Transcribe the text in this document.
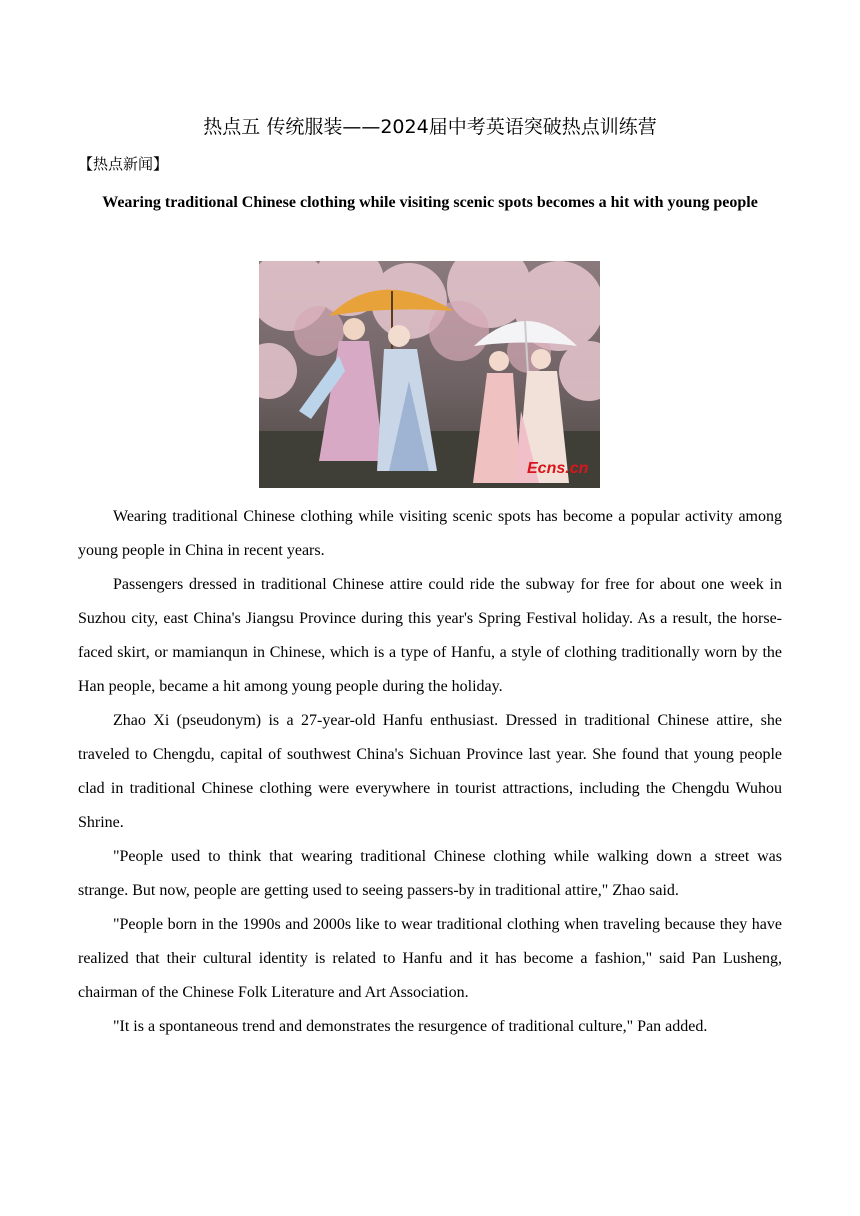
热点五 传统服装——2024届中考英语突破热点训练营
【热点新闻】
Wearing traditional Chinese clothing while visiting scenic spots becomes a hit with young people
Ecns.cn

Wearing traditional Chinese clothing while visiting scenic spots has become a popular activity among young people in China in recent years.

Passengers dressed in traditional Chinese attire could ride the subway for free for about one week in Suzhou city, east China's Jiangsu Province during this year's Spring Festival holiday. As a result, the horse-faced skirt, or mamianqun in Chinese, which is a type of Hanfu, a style of clothing traditionally worn by the Han people, became a hit among young people during the holiday.

Zhao Xi (pseudonym) is a 27-year-old Hanfu enthusiast. Dressed in traditional Chinese attire, she traveled to Chengdu, capital of southwest China's Sichuan Province last year. She found that young people clad in traditional Chinese clothing were everywhere in tourist attractions, including the Chengdu Wuhou Shrine.

"People used to think that wearing traditional Chinese clothing while walking down a street was strange. But now, people are getting used to seeing passers-by in traditional attire," Zhao said.

"People born in the 1990s and 2000s like to wear traditional clothing when traveling because they have realized that their cultural identity is related to Hanfu and it has become a fashion," said Pan Lusheng, chairman of the Chinese Folk Literature and Art Association.

"It is a spontaneous trend and demonstrates the resurgence of traditional culture," Pan added.
